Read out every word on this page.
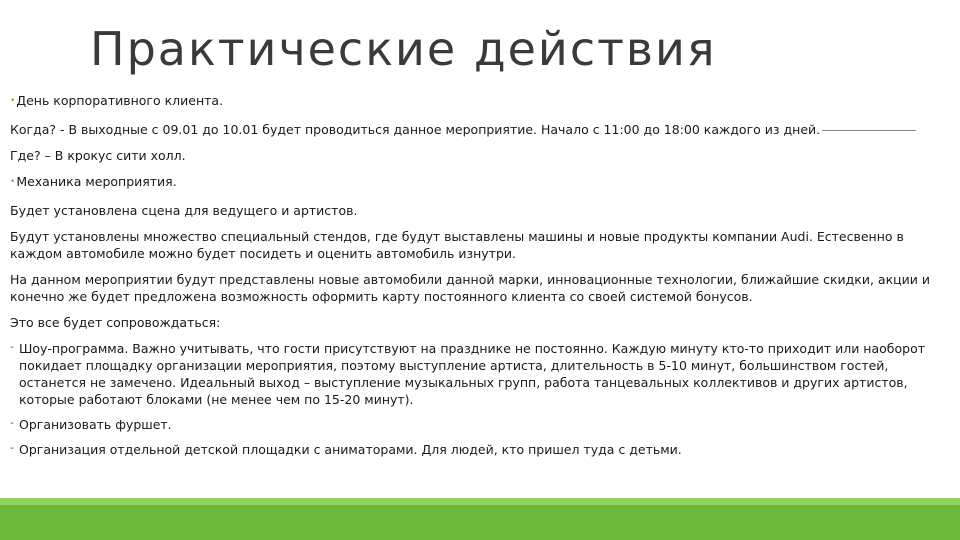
Практические действия

•День корпоративного клиента.

Когда? - В выходные с 09.01 до 10.01 будет проводиться данное мероприятие. Начало с 11:00 до 18:00 каждого из дней.

Где? – В крокус сити холл.

•Механика мероприятия.

Будет установлена сцена для ведущего и артистов.

Будут установлены множество специальный стендов, где будут выставлены машины и новые продукты компании Audi. Естесвенно в каждом автомобиле можно будет посидеть и оценить автомобиль изнутри.

На данном мероприятии будут представлены новые автомобили данной марки, инновационные технологии, ближайшие скидки, акции и конечно же будет предложена возможность оформить карту постоянного клиента со своей системой бонусов.

Это все будет сопровождаться:

- Шоу-программа. Важно учитывать, что гости присутствуют на празднике не постоянно. Каждую минуту кто-то приходит или наоборот покидает площадку организации мероприятия, поэтому выступление артиста, длительность в 5-10 минут, большинством гостей, останется не замечено. Идеальный выход – выступление музыкальных групп, работа танцевальных коллективов и других артистов, которые работают блоками (не менее чем по 15-20 минут).

- Организовать фуршет.

- Организация отдельной детской площадки с аниматорами. Для людей, кто пришел туда с детьми.
